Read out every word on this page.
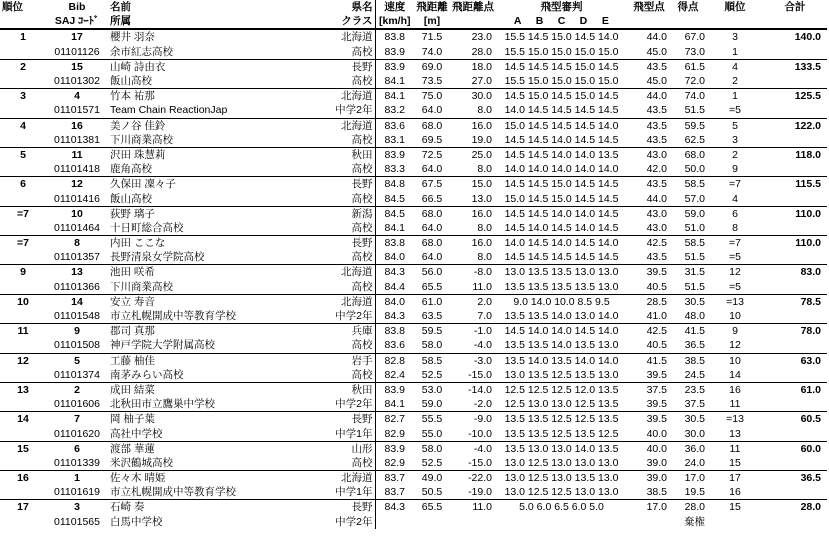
順位	Bib	名前	県名	速度	飛距離	飛距離点	飛型審判	飛型点	得点	順位	合計
	SAJ ｺｰﾄﾞ	所属	クラス	[km/h]	[m]		A B C D E				
1	17	櫻井 羽奈	北海道	83.8	71.5	23.0	15.5 14.5 15.0 14.5 14.0	44.0	67.0	3	140.0
	01101126	余市紅志高校	高校	83.9	74.0	28.0	15.5 15.0 15.0 15.0 15.0	45.0	73.0	1	
2	15	山崎 詩由衣	長野	83.9	69.0	18.0	14.5 14.5 14.5 15.0 14.5	43.5	61.5	4	133.5
	01101302	飯山高校	高校	84.1	73.5	27.0	15.5 15.0 15.0 15.0 15.0	45.0	72.0	2	
3	4	竹本 祐那	北海道	84.1	75.0	30.0	14.5 15.0 14.5 15.0 14.5	44.0	74.0	1	125.5
	01101571	Team Chain ReactionJap	中学2年	83.2	64.0	8.0	14.0 14.5 14.5 14.5 14.5	43.5	51.5	=5	
4	16	美ノ谷 佳鈴	北海道	83.6	68.0	16.0	15.0 14.5 14.5 14.5 14.0	43.5	59.5	5	122.0
	01101381	下川商業高校	高校	83.1	69.5	19.0	14.5 14.5 14.0 14.5 14.5	43.5	62.5	3	
5	11	沢田 珠慧莉	秋田	83.9	72.5	25.0	14.5 14.5 14.0 14.0 13.5	43.0	68.0	2	118.0
	01101418	鹿角高校	高校	83.3	64.0	8.0	14.0 14.0 14.0 14.0 14.0	42.0	50.0	9	
6	12	久保田 凜々子	長野	84.8	67.5	15.0	14.5 14.5 15.0 14.5 14.5	43.5	58.5	=7	115.5
	01101416	飯山高校	高校	84.5	66.5	13.0	15.0 14.5 15.0 14.5 14.5	44.0	57.0	4	
=7	10	荻野 璃子	新潟	84.5	68.0	16.0	14.5 14.5 14.0 14.0 14.5	43.0	59.0	6	110.0
	01101464	十日町総合高校	高校	84.1	64.0	8.0	14.5 14.0 14.5 14.0 14.5	43.0	51.0	8	
=7	8	内田 ここな	長野	83.8	68.0	16.0	14.0 14.5 14.0 14.5 14.0	42.5	58.5	=7	110.0
	01101357	長野清泉女学院高校	高校	84.0	64.0	8.0	14.5 14.5 14.5 14.5 14.5	43.5	51.5	=5	
9	13	池田 咲希	北海道	84.3	56.0	-8.0	13.0 13.5 13.5 13.0 13.0	39.5	31.5	12	83.0
	01101366	下川商業高校	高校	84.4	65.5	11.0	13.5 13.5 13.5 13.5 13.0	40.5	51.5	=5	
10	14	安立 寿音	北海道	84.0	61.0	2.0	9.0 14.0 10.0 8.5 9.5	28.5	30.5	=13	78.5
	01101548	市立札幌開成中等教育学校	中学2年	84.3	63.5	7.0	13.5 13.5 14.0 13.0 14.0	41.0	48.0	10	
11	9	郡司 真那	兵庫	83.8	59.5	-1.0	14.5 14.0 14.0 14.5 14.0	42.5	41.5	9	78.0
	01101508	神戸学院大学附属高校	高校	83.6	58.0	-4.0	13.5 13.5 14.0 13.5 13.0	40.5	36.5	12	
12	5	工藤 柚佳	岩手	82.8	58.5	-3.0	13.5 14.0 13.5 14.0 14.0	41.5	38.5	10	63.0
	01101374	南茅みらい高校	高校	82.4	52.5	-15.0	13.0 13.5 12.5 13.5 13.0	39.5	24.5	14	
13	2	成田 結菜	秋田	83.9	53.0	-14.0	12.5 12.5 12.5 12.0 13.5	37.5	23.5	16	61.0
	01101606	北秋田市立鷹巣中学校	中学2年	84.1	59.0	-2.0	12.5 13.0 13.0 12.5 13.5	39.5	37.5	11	
14	7	岡 柚子葉	長野	82.7	55.5	-9.0	13.5 13.5 12.5 12.5 13.5	39.5	30.5	=13	60.5
	01101620	高社中学校	中学1年	82.9	55.0	-10.0	13.5 13.5 12.5 13.5 12.5	40.0	30.0	13	
15	6	渡部 華蓮	山形	83.9	58.0	-4.0	13.5 13.0 13.0 14.0 13.5	40.0	36.0	11	60.0
	01101339	米沢鶴城高校	高校	82.9	52.5	-15.0	13.0 12.5 13.0 13.0 13.0	39.0	24.0	15	
16	1	佐々木 晴姫	北海道	83.7	49.0	-22.0	13.0 12.5 13.0 13.5 13.0	39.0	17.0	17	36.5
	01101619	市立札幌開成中等教育学校	中学1年	83.7	50.5	-19.0	13.0 12.5 12.5 13.0 13.0	38.5	19.5	16	
17	3	石崎 奏	長野	84.3	65.5	11.0	5.0 6.0 6.5 6.0 5.0	17.0	28.0	15	28.0
	01101565	白馬中学校	中学2年						棄権		
